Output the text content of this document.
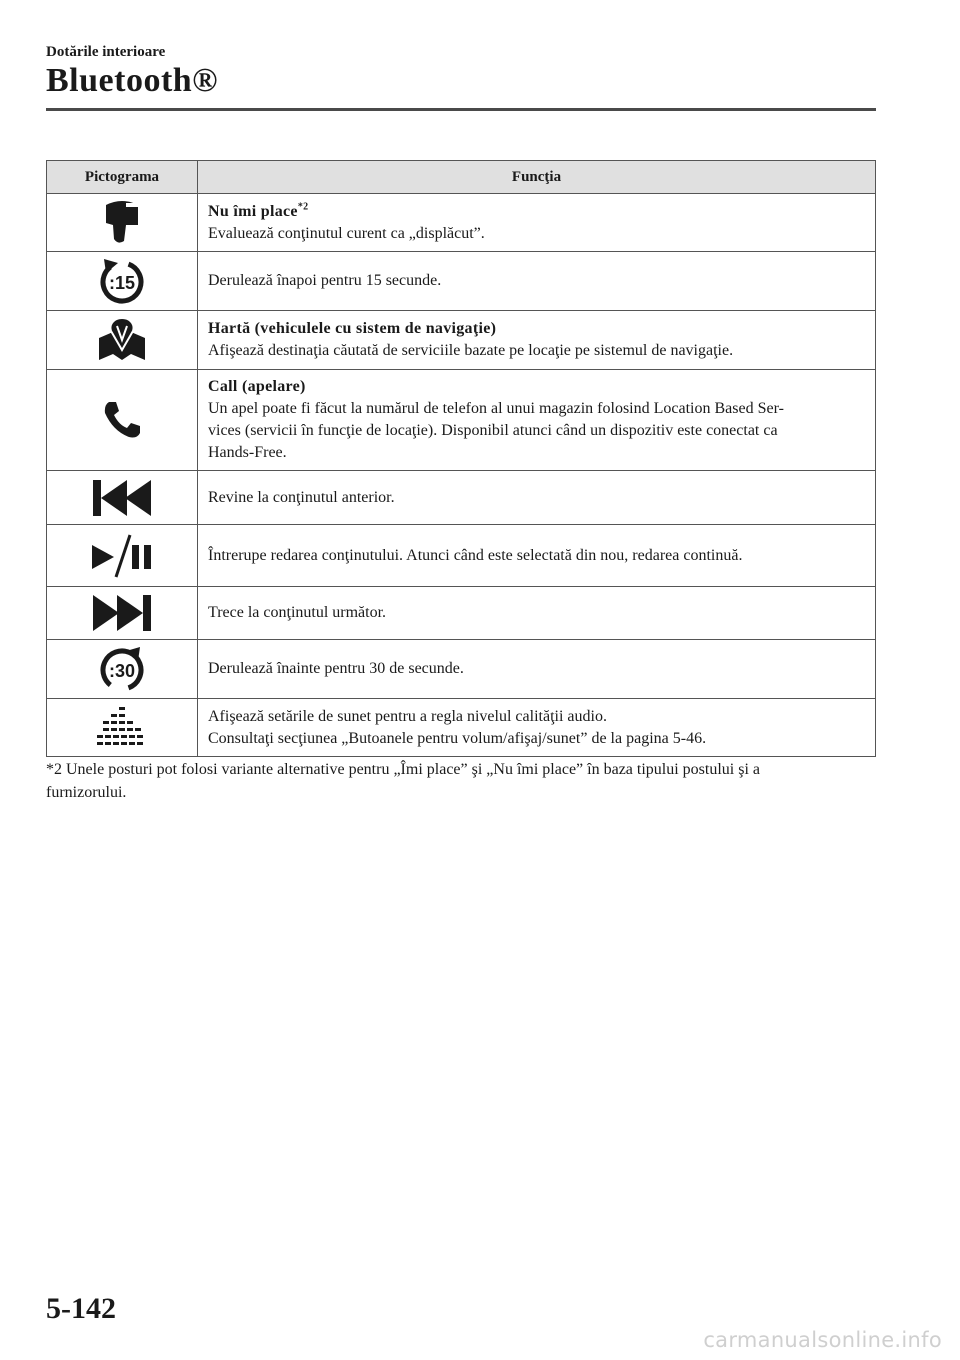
Dotările interioare
Bluetooth®
Pictograma	Funcţia

Nu îmi place$^{*2}$
Evaluează conţinutul curent ca „displăcut”.

:15	Derulează înapoi pentru 15 secunde.

Hartă (vehiculele cu sistem de navigaţie)
Afişează destinaţia căutată de serviciile bazate pe locaţie pe sistemul de navigaţie.

Call (apelare)
Un apel poate fi făcut la numărul de telefon al unui magazin folosind Location Based Ser-
vices (servicii în funcţie de locaţie). Disponibil atunci când un dispozitiv este conectat ca
Hands-Free.

Revine la conţinutul anterior.

Întrerupe redarea conţinutului. Atunci când este selectată din nou, redarea continuă.

Trece la conţinutul următor.

:30	Derulează înainte pentru 30 de secunde.

Afişează setările de sunet pentru a regla nivelul calităţii audio.
Consultaţi secţiunea „Butoanele pentru volum/afişaj/sunet” de la pagina 5-46.
*2 Unele posturi pot folosi variante alternative pentru „Îmi place” şi „Nu îmi place” în baza tipului postului şi a
furnizorului.
5-142
carmanualsonline.info
